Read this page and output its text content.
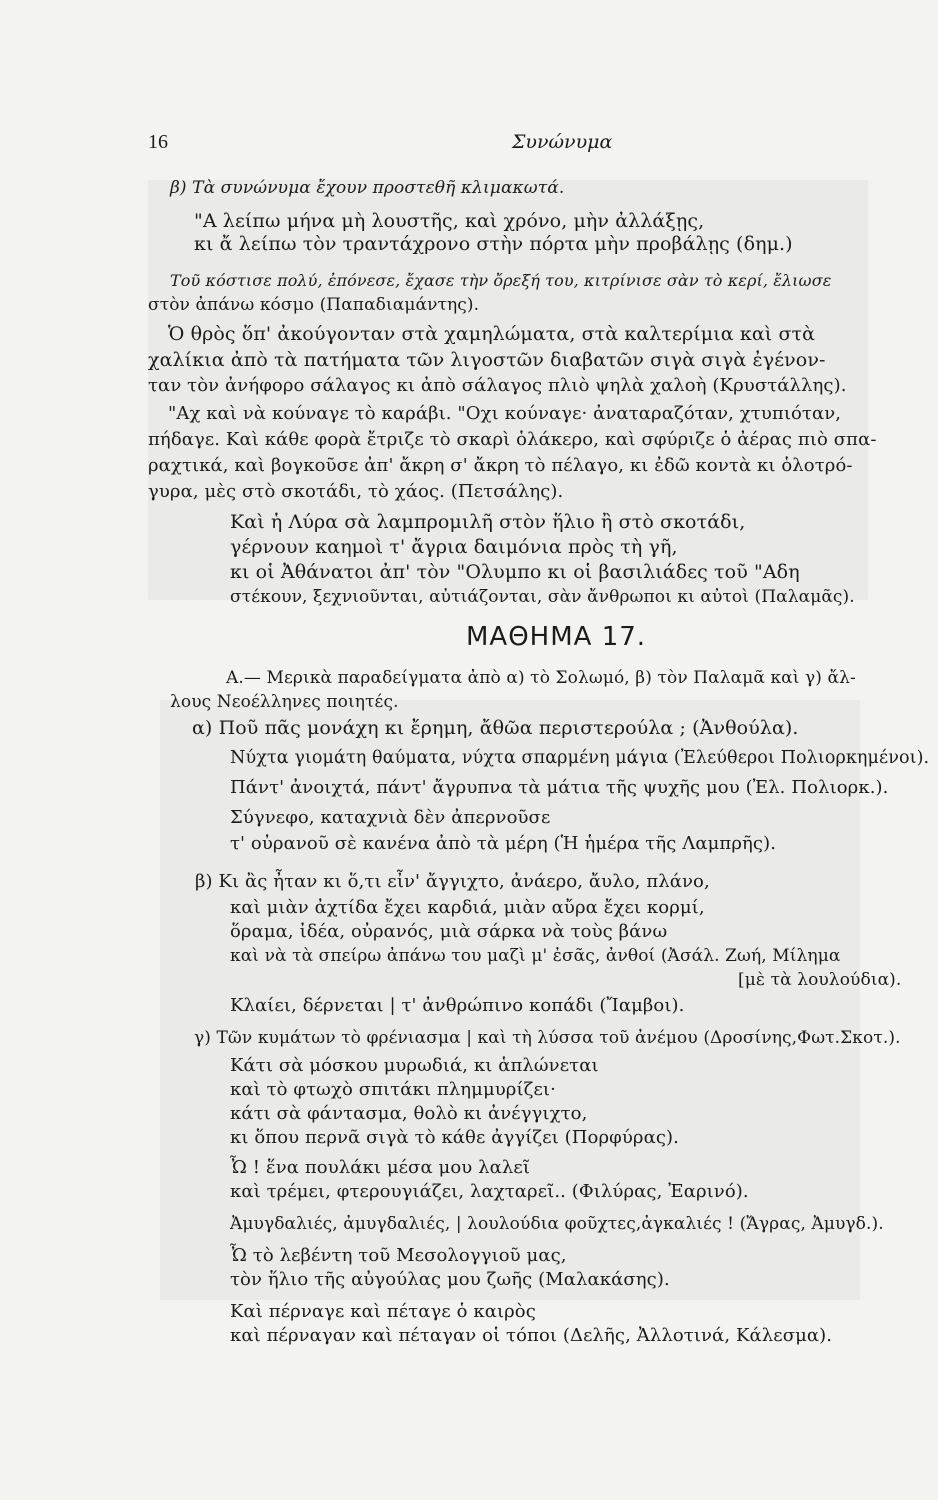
16	Συνώνυμα
β) Τὰ συνώνυμα ἔχουν προστεθῆ κλιμακωτά.
"Α λείπω μήνα μὴ λουστῆς, καὶ χρόνο, μὴν ἀλλάξῃς,
κι ἄ λείπω τὸν τραντάχρονο στὴν πόρτα μὴν προβάλῃς (δημ.)
Τοῦ κόστισε πολύ, ἐπόνεσε, ἔχασε τὴν ὄρεξή του, κιτρίνισε σὰν τὸ κερί, ἔλιωσε
στὸν ἀπάνω κόσμο (Παπαδιαμάντης).
Ὁ θρὸς ὅπ' ἀκούγονταν στὰ χαμηλώματα, στὰ καλτερίμια καὶ στὰ
χαλίκια ἀπὸ τὰ πατήματα τῶν λιγοστῶν διαβατῶν σιγὰ σιγὰ ἐγένον-
ταν τὸν ἀνήφορο σάλαγος κι ἀπὸ σάλαγος πλιὸ ψηλὰ χαλοὴ (Κρυστάλλης).
"Αχ καὶ νὰ κούναγε τὸ καράβι. "Οχι κούναγε· ἀναταραζόταν, χτυπιόταν,
πήδαγε. Καὶ κάθε φορὰ ἔτριζε τὸ σκαρὶ ὁλάκερο, καὶ σφύριζε ὁ ἀέρας πιὸ σπα-
ραχτικά, καὶ βογκοῦσε ἀπ' ἄκρη σ' ἄκρη τὸ πέλαγο, κι ἐδῶ κοντὰ κι ὁλοτρό-
γυρα, μὲς στὸ σκοτάδι, τὸ χάος. (Πετσάλης).
Καὶ ἡ Λύρα σὰ λαμπρομιλῆ στὸν ἥλιο ἢ στὸ σκοτάδι,
γέρνουν καημοὶ τ' ἄγρια δαιμόνια πρὸς τὴ γῆ,
κι οἱ Ἀθάνατοι ἀπ' τὸν "Ολυμπο κι οἱ βασιλιάδες τοῦ "Αδη
στέκουν, ξεχνιοῦνται, αὐτιάζονται, σὰν ἄνθρωποι κι αὐτοὶ (Παλαμᾶς).
ΜΑΘΗΜΑ 17.
Α.— Μερικὰ παραδείγματα ἀπὸ α) τὸ Σολωμό, β) τὸν Παλαμᾶ καὶ γ) ἄλ-
λους Νεοέλληνες ποιητές.
α) Ποῦ πᾶς μονάχη κι ἔρημη, ἄθῶα περιστερούλα ; (Ἀνθούλα).
Νύχτα γιομάτη θαύματα, νύχτα σπαρμένη μάγια (Ἐλεύθεροι Πολιορκημένοι).
Πάντ' ἀνοιχτά, πάντ' ἄγρυπνα τὰ μάτια τῆς ψυχῆς μου (Ἐλ. Πολιορκ.).
Σύγνεφο, καταχνιὰ δὲν ἀπερνοῦσε
τ' οὐρανοῦ σὲ κανένα ἀπὸ τὰ μέρη (Ἡ ἡμέρα τῆς Λαμπρῆς).
β) Κι ἂς ἦταν κι ὅ,τι εἶν' ἄγγιχτο, ἀνάερο, ἄυλο, πλάνο,
καὶ μιὰν ἀχτίδα ἔχει καρδιά, μιὰν αὔρα ἔχει κορμί,
ὅραμα, ἰδέα, οὐρανός, μιὰ σάρκα νὰ τοὺς βάνω
καὶ νὰ τὰ σπείρω ἀπάνω του μαζὶ μ' ἐσᾶς, ἀνθοί (Ἀσάλ. Ζωή, Μίλημα
[μὲ τὰ λουλούδια).
Κλαίει, δέρνεται | τ' ἀνθρώπινο κοπάδι (Ἴαμβοι).
γ) Τῶν κυμάτων τὸ φρένιασμα | καὶ τὴ λύσσα τοῦ ἀνέμου (Δροσίνης,Φωτ.Σκοτ.).
Κάτι σὰ μόσκου μυρωδιά, κι ἁπλώνεται
καὶ τὸ φτωχὸ σπιτάκι πλημμυρίζει·
κάτι σὰ φάντασμα, θολὸ κι ἀνέγγιχτο,
κι ὅπου περνᾶ σιγὰ τὸ κάθε ἀγγίζει (Πορφύρας).
Ὦ ! ἕνα πουλάκι μέσα μου λαλεῖ
καὶ τρέμει, φτερουγιάζει, λαχταρεῖ.. (Φιλύρας, Ἐαρινό).
Ἀμυγδαλιές, ἀμυγδαλιές, | λουλούδια φοῦχτες,ἀγκαλιές ! (Ἄγρας, Ἀμυγδ.).
Ὦ τὸ λεβέντη τοῦ Μεσολογγιοῦ μας,
τὸν ἥλιο τῆς αὐγούλας μου ζωῆς (Μαλακάσης).
Καὶ πέρναγε καὶ πέταγε ὁ καιρὸς
καὶ πέρναγαν καὶ πέταγαν οἱ τόποι (Δελῆς, Ἀλλοτινά, Κάλεσμα).
